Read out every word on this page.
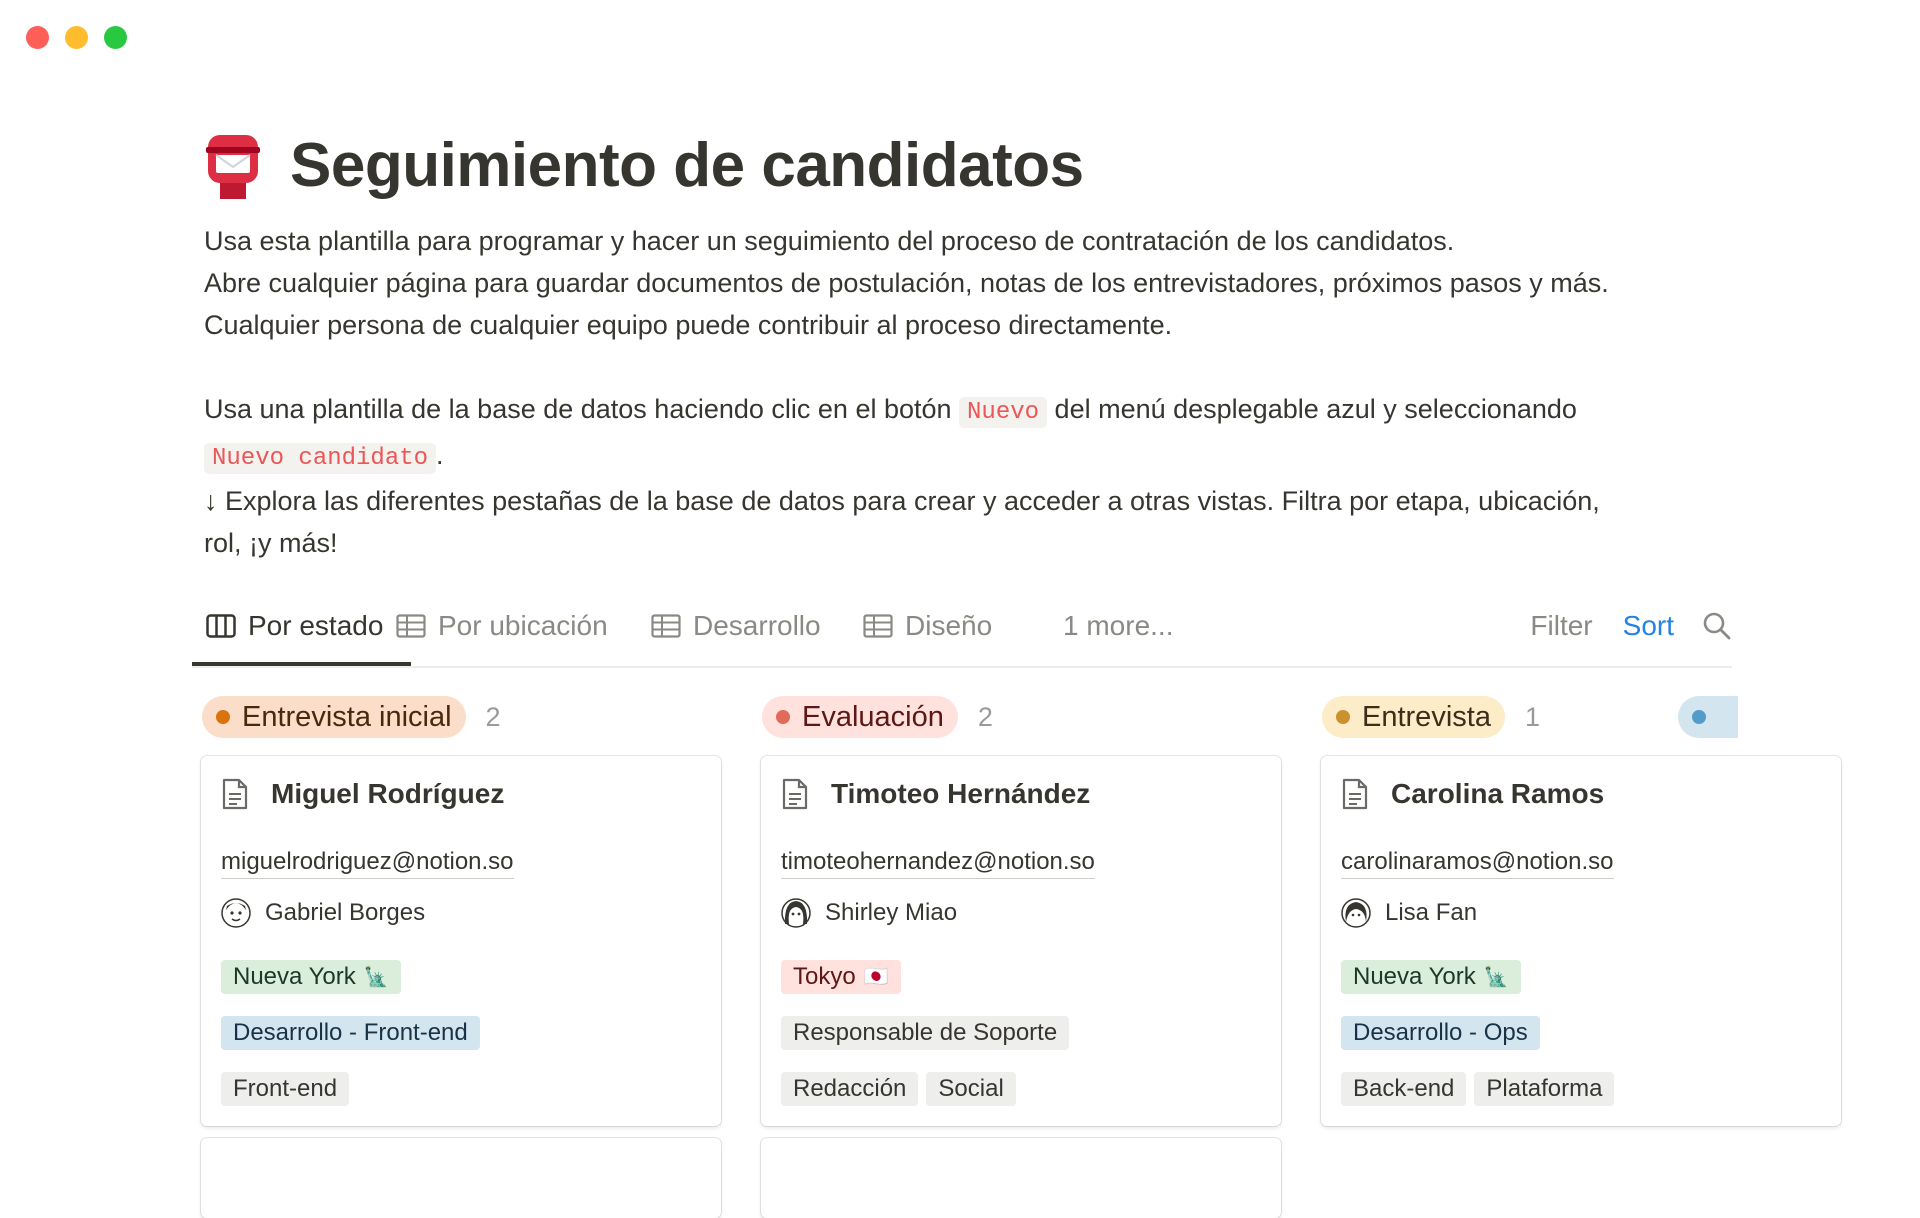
Seguimiento de candidatos

Usa esta plantilla para programar y hacer un seguimiento del proceso de contratación de los candidatos.

Abre cualquier página para guardar documentos de postulación, notas de los entrevistadores, próximos pasos y más.

Cualquier persona de cualquier equipo puede contribuir al proceso directamente.

Usa una plantilla de la base de datos haciendo clic en el botón Nuevo del menú desplegable azul y seleccionando

Nuevo candidato .

↓ Explora las diferentes pestañas de la base de datos para crear y acceder a otras vistas. Filtra por etapa, ubicación,

rol, ¡y más!

Por estado Por ubicación	Desarrollo	Diseño	1 more...	Filter Sort
Entrevista inicial 2	Evaluación 2	Entrevista 1
Miguel Rodríguez
miguelrodriguez@notion.so
Gabriel Borges
Nueva York 🗽
Desarrollo - Front-end
Front-end
Timoteo Hernández
timoteohernandez@notion.so
Shirley Miao
Tokyo 🇯🇵
Responsable de Soporte
Redacción	Social
Carolina Ramos
carolinaramos@notion.so
Lisa Fan
Nueva York 🗽
Desarrollo - Ops
Back-end	Plataforma
